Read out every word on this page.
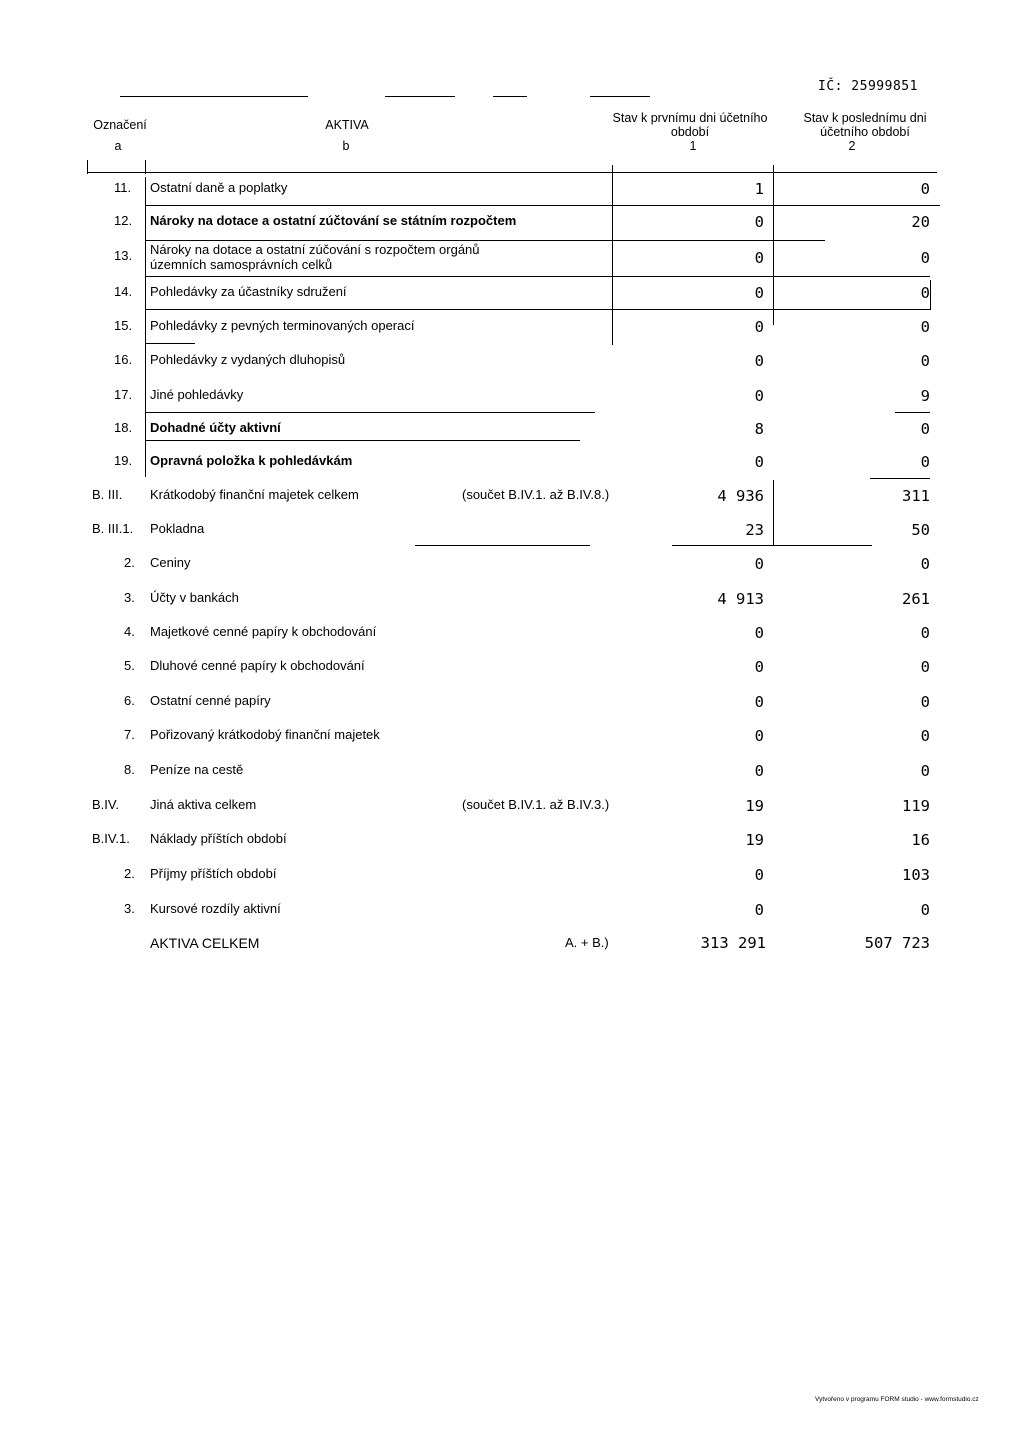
IČ: 25999851
Označení	AKTIVA	Stav k prvnímu dni účetního období
Stav k poslednímu dni účetního období
a	b	1	2
11. Ostatní daně a poplatky	1	0
12. Nároky na dotace a ostatní zúčtování se státním rozpočtem	0	20
13. Nároky na dotace a ostatní zúčování s rozpočtem orgánů územních samosprávních celků	0	0
14. Pohledávky za účastníky sdružení	0	0
15. Pohledávky z pevných terminovaných operací	0	0
16. Pohledávky z vydaných dluhopisů	0	0
17. Jiné pohledávky	0	9
18. Dohadné účty aktivní	8	0
19. Opravná položka k pohledávkám	0	0
B. III. Krátkodobý finanční majetek celkem	(součet B.IV.1. až B.IV.8.)	4 936	311
B. III.1. Pokladna	23	50
2. Ceniny	0	0
3. Účty v bankách	4 913	261
4. Majetkové cenné papíry k obchodování	0	0
5. Dluhové cenné papíry k obchodování	0	0
6. Ostatní cenné papíry	0	0
7. Pořizovaný krátkodobý finanční majetek	0	0
8. Peníze na cestě	0	0
B.IV. Jiná aktiva celkem	(součet B.IV.1. až B.IV.3.)	19	119
B.IV.1. Náklady příštích období	19	16
2. Příjmy příštích období	0	103
3. Kursové rozdíly aktivní	0	0
AKTIVA CELKEM	A. + B.)	313 291	507 723
Vytvořeno v programu FORM studio - www.formstudio.cz
